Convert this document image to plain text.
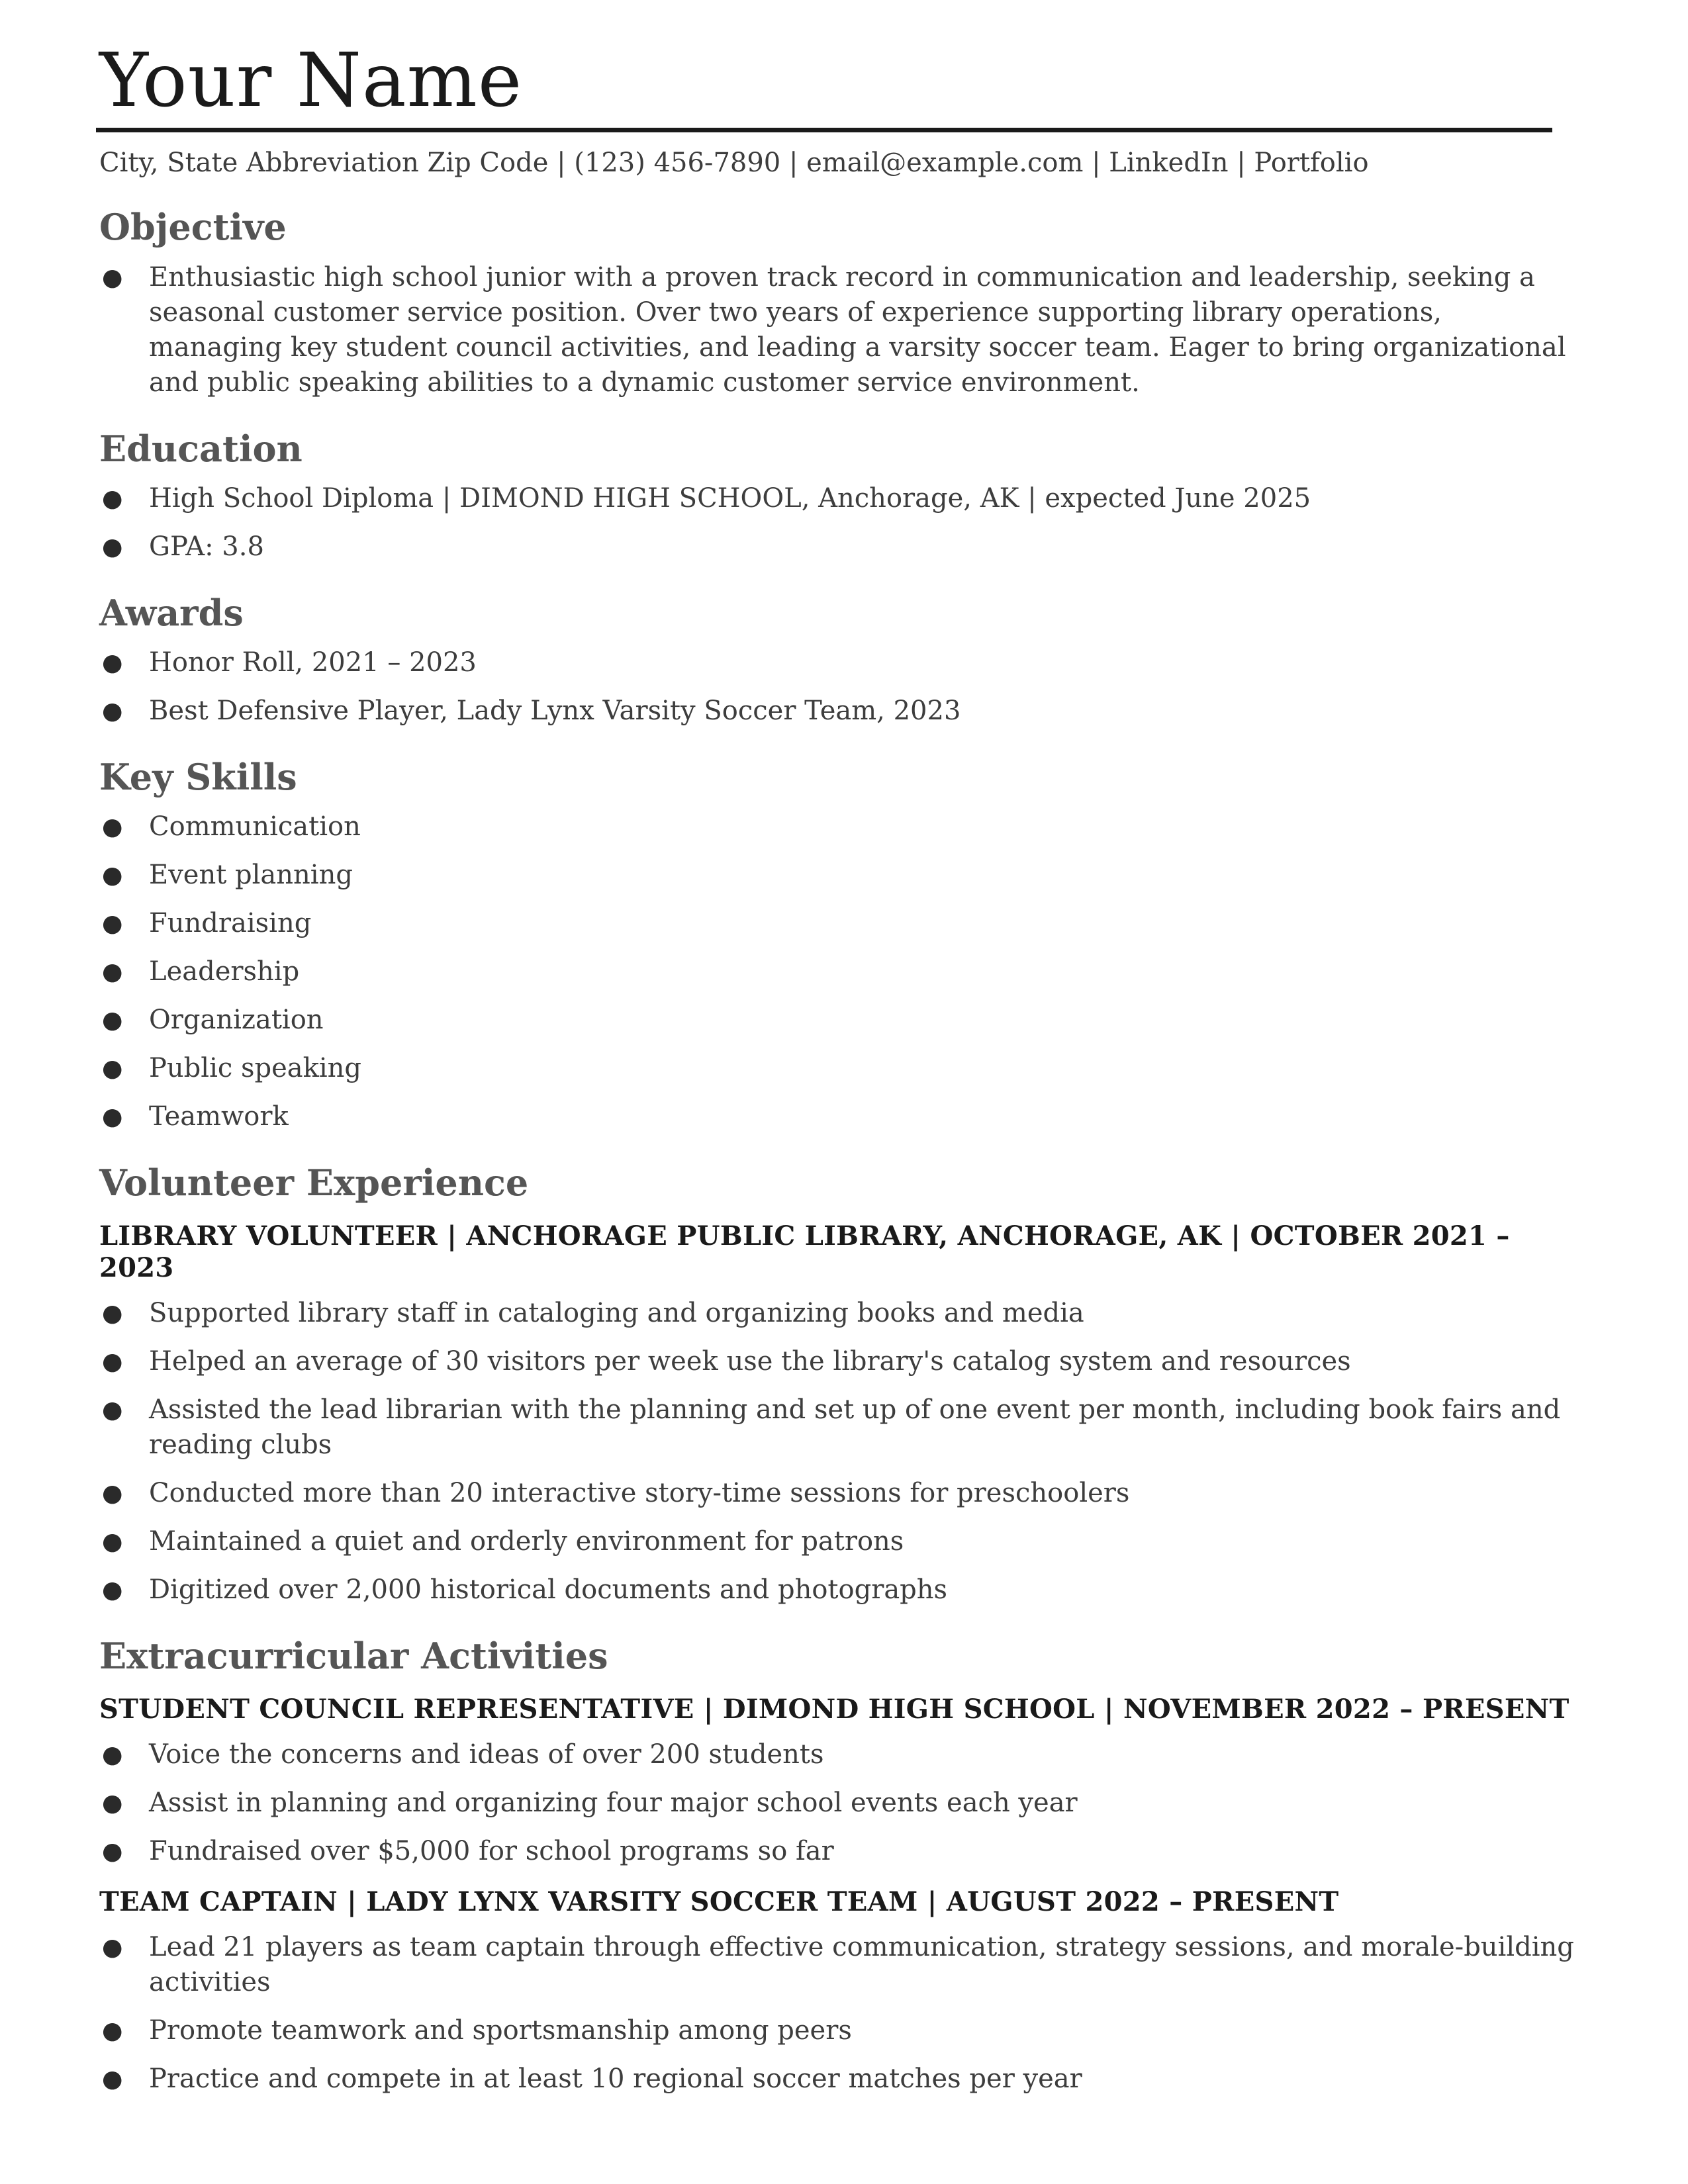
Your Name
City, State Abbreviation Zip Code | (123) 456-7890 | email@example.com | LinkedIn | Portfolio
Objective
● Enthusiastic high school junior with a proven track record in communication and leadership, seeking a seasonal customer service position. Over two years of experience supporting library operations, managing key student council activities, and leading a varsity soccer team. Eager to bring organizational and public speaking abilities to a dynamic customer service environment.
Education
● High School Diploma | DIMOND HIGH SCHOOL, Anchorage, AK | expected June 2025
● GPA: 3.8
Awards
● Honor Roll, 2021 – 2023
● Best Defensive Player, Lady Lynx Varsity Soccer Team, 2023
Key Skills
● Communication
● Event planning
● Fundraising
● Leadership
● Organization
● Public speaking
● Teamwork
Volunteer Experience
LIBRARY VOLUNTEER | ANCHORAGE PUBLIC LIBRARY, ANCHORAGE, AK | OCTOBER 2021 – 2023
● Supported library staff in cataloging and organizing books and media
● Helped an average of 30 visitors per week use the library's catalog system and resources
● Assisted the lead librarian with the planning and set up of one event per month, including book fairs and reading clubs
● Conducted more than 20 interactive story-time sessions for preschoolers
● Maintained a quiet and orderly environment for patrons
● Digitized over 2,000 historical documents and photographs
Extracurricular Activities
STUDENT COUNCIL REPRESENTATIVE | DIMOND HIGH SCHOOL | NOVEMBER 2022 – PRESENT
● Voice the concerns and ideas of over 200 students
● Assist in planning and organizing four major school events each year
● Fundraised over $5,000 for school programs so far
TEAM CAPTAIN | LADY LYNX VARSITY SOCCER TEAM | AUGUST 2022 – PRESENT
● Lead 21 players as team captain through effective communication, strategy sessions, and morale-building activities
● Promote teamwork and sportsmanship among peers
● Practice and compete in at least 10 regional soccer matches per year
